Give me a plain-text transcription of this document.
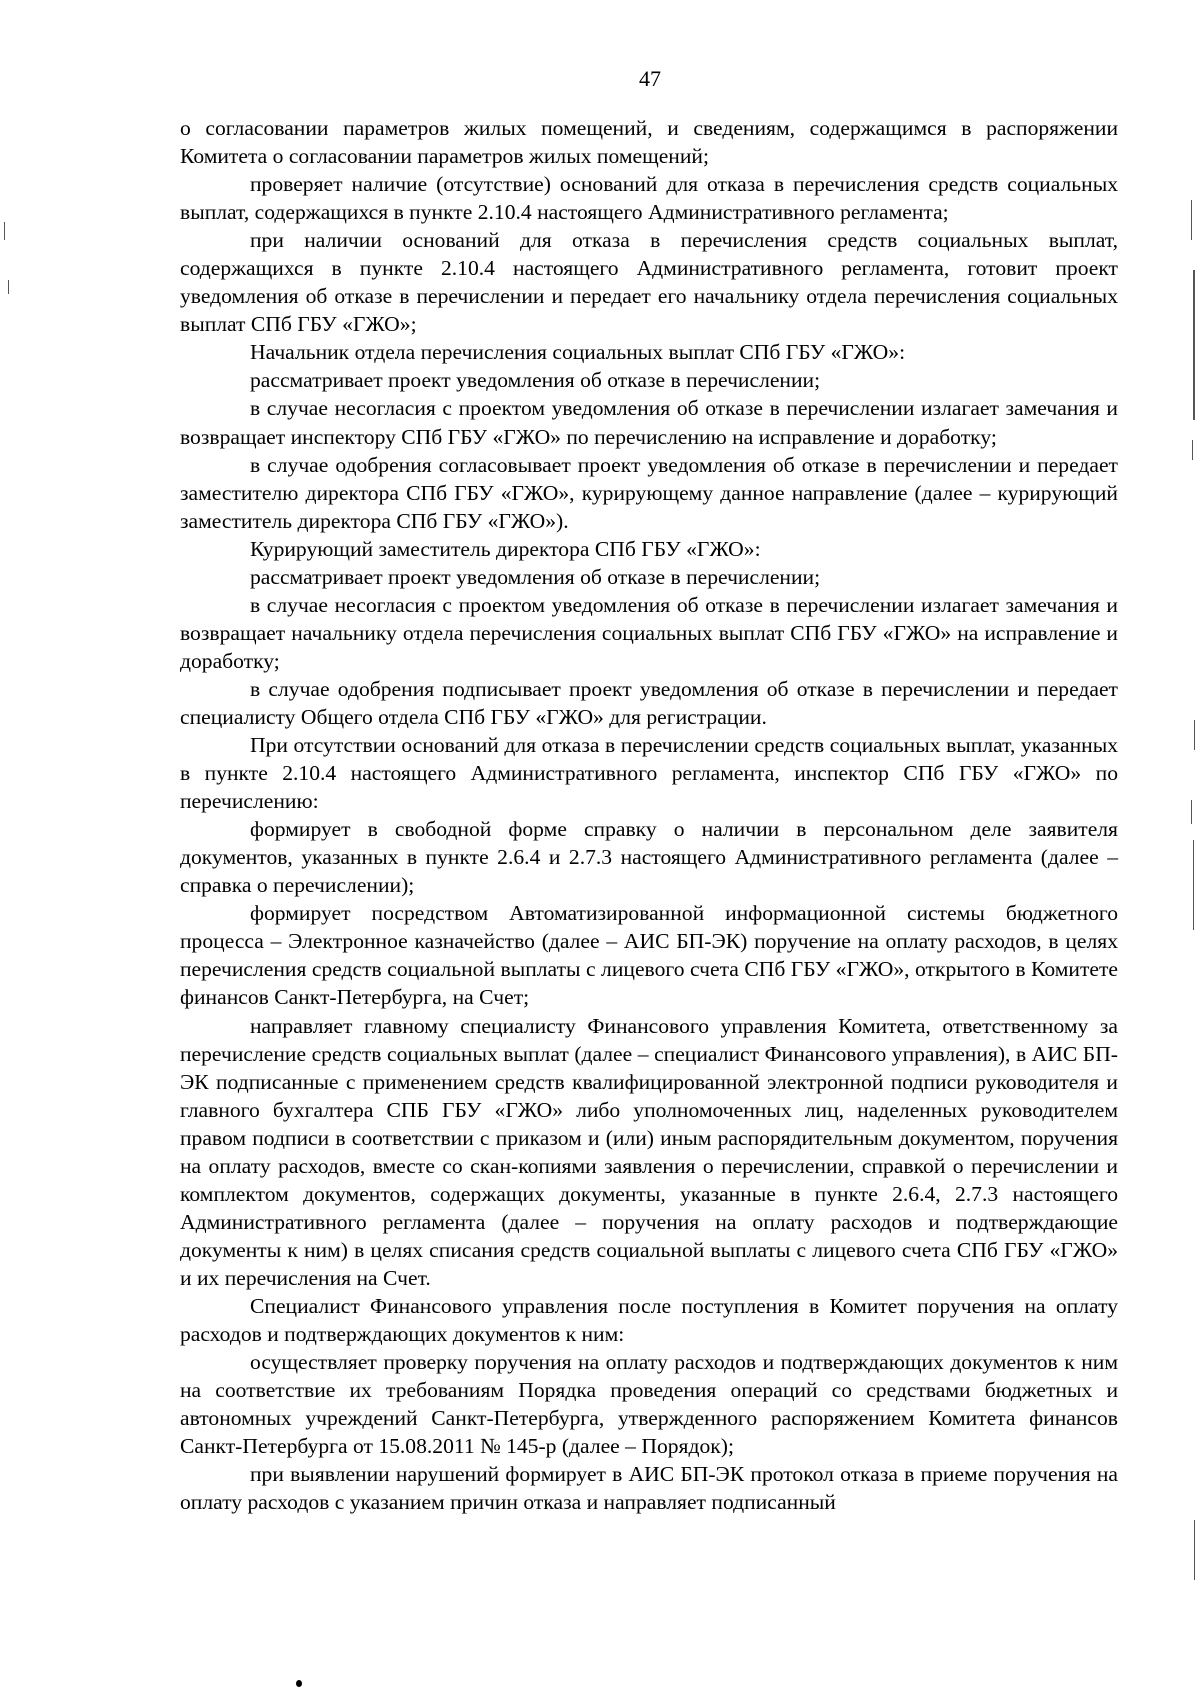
47

о согласовании параметров жилых помещений, и сведениям, содержащимся в распоряжении Комитета о согласовании параметров жилых помещений;

проверяет наличие (отсутствие) оснований для отказа в перечисления средств социальных выплат, содержащихся в пункте 2.10.4 настоящего Административного регламента;

при наличии оснований для отказа в перечисления средств социальных выплат, содержащихся в пункте 2.10.4 настоящего Административного регламента, готовит проект уведомления об отказе в перечислении и передает его начальнику отдела перечисления социальных выплат СПб ГБУ «ГЖО»;

Начальник отдела перечисления социальных выплат СПб ГБУ «ГЖО»:

рассматривает проект уведомления об отказе в перечислении;

в случае несогласия с проектом уведомления об отказе в перечислении излагает замечания и возвращает инспектору СПб ГБУ «ГЖО» по перечислению на исправление и доработку;

в случае одобрения согласовывает проект уведомления об отказе в перечислении и передает заместителю директора СПб ГБУ «ГЖО», курирующему данное направление (далее – курирующий заместитель директора СПб ГБУ «ГЖО»).

Курирующий заместитель директора СПб ГБУ «ГЖО»:

рассматривает проект уведомления об отказе в перечислении;

в случае несогласия с проектом уведомления об отказе в перечислении излагает замечания и возвращает начальнику отдела перечисления социальных выплат СПб ГБУ «ГЖО» на исправление и доработку;

в случае одобрения подписывает проект уведомления об отказе в перечислении и передает специалисту Общего отдела СПб ГБУ «ГЖО» для регистрации.

При отсутствии оснований для отказа в перечислении средств социальных выплат, указанных в пункте 2.10.4 настоящего Административного регламента, инспектор СПб ГБУ «ГЖО» по перечислению:

формирует в свободной форме справку о наличии в персональном деле заявителя документов, указанных в пункте 2.6.4 и 2.7.3 настоящего Административного регламента (далее – справка о перечислении);

формирует посредством Автоматизированной информационной системы бюджетного процесса – Электронное казначейство (далее – АИС БП-ЭК) поручение на оплату расходов, в целях перечисления средств социальной выплаты с лицевого счета СПб ГБУ «ГЖО», открытого в Комитете финансов Санкт-Петербурга, на Счет;

направляет главному специалисту Финансового управления Комитета, ответственному за перечисление средств социальных выплат (далее – специалист Финансового управления), в АИС БП-ЭК подписанные с применением средств квалифицированной электронной подписи руководителя и главного бухгалтера СПБ ГБУ «ГЖО» либо уполномоченных лиц, наделенных руководителем правом подписи в соответствии с приказом и (или) иным распорядительным документом, поручения на оплату расходов, вместе со скан-копиями заявления о перечислении, справкой о перечислении и комплектом документов, содержащих документы, указанные в пункте 2.6.4, 2.7.3 настоящего Административного регламента (далее – поручения на оплату расходов и подтверждающие документы к ним) в целях списания средств социальной выплаты с лицевого счета СПб ГБУ «ГЖО» и их перечисления на Счет.

Специалист Финансового управления после поступления в Комитет поручения на оплату расходов и подтверждающих документов к ним:

осуществляет проверку поручения на оплату расходов и подтверждающих документов к ним на соответствие их требованиям Порядка проведения операций со средствами бюджетных и автономных учреждений Санкт-Петербурга, утвержденного распоряжением Комитета финансов Санкт-Петербурга от 15.08.2011 № 145-р (далее – Порядок);

при выявлении нарушений формирует в АИС БП-ЭК протокол отказа в приеме поручения на оплату расходов с указанием причин отказа и направляет подписанный
